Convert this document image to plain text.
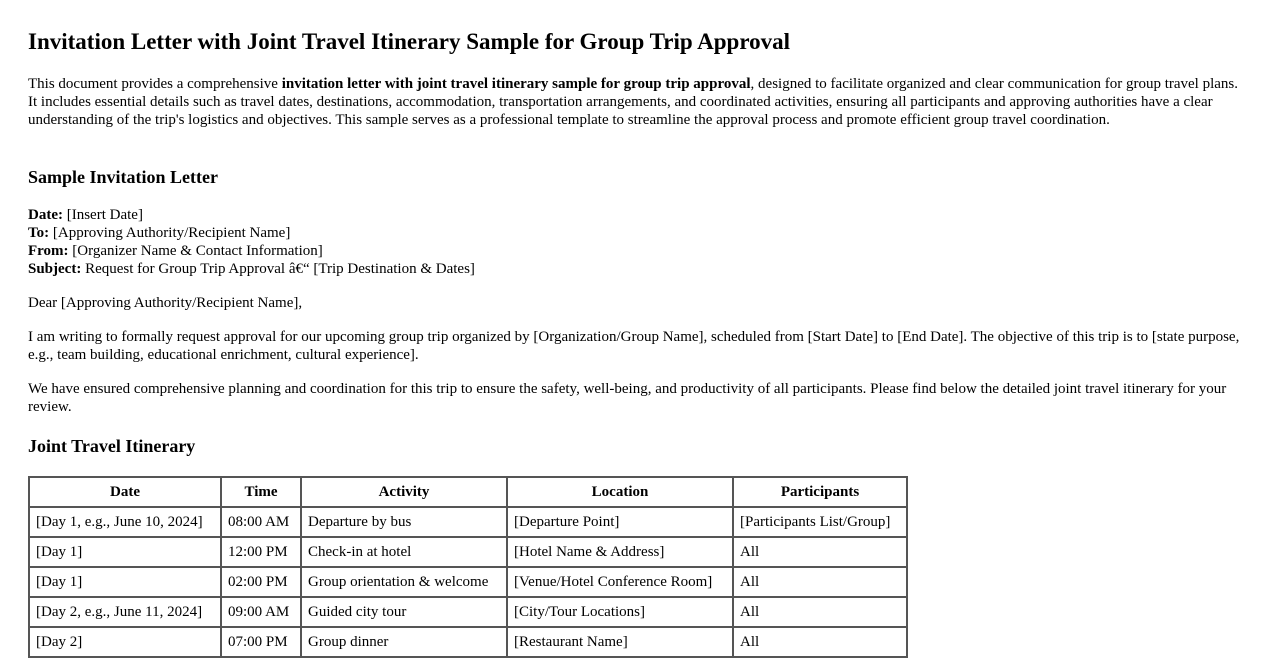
Invitation Letter with Joint Travel Itinerary Sample for Group Trip Approval

This document provides a comprehensive invitation letter with joint travel itinerary sample for group trip approval, designed to facilitate organized and clear communication for group travel plans. It includes essential details such as travel dates, destinations, accommodation, transportation arrangements, and coordinated activities, ensuring all participants and approving authorities have a clear understanding of the trip's logistics and objectives. This sample serves as a professional template to streamline the approval process and promote efficient group travel coordination.

Sample Invitation Letter
Date: [Insert Date]
To: [Approving Authority/Recipient Name]
From: [Organizer Name & Contact Information]
Subject: Request for Group Trip Approval â€“ [Trip Destination & Dates]

Dear [Approving Authority/Recipient Name],

I am writing to formally request approval for our upcoming group trip organized by [Organization/Group Name], scheduled from [Start Date] to [End Date]. The objective of this trip is to [state purpose, e.g., team building, educational enrichment, cultural experience].

We have ensured comprehensive planning and coordination for this trip to ensure the safety, well-being, and productivity of all participants. Please find below the detailed joint travel itinerary for your review.

Joint Travel Itinerary
Date	Time	Activity	Location	Participants
[Day 1, e.g., June 10, 2024]	08:00 AM	Departure by bus	[Departure Point]	[Participants List/Group]
[Day 1]	12:00 PM	Check-in at hotel	[Hotel Name & Address]	All
[Day 1]	02:00 PM	Group orientation & welcome	[Venue/Hotel Conference Room]	All
[Day 2, e.g., June 11, 2024]	09:00 AM	Guided city tour	[City/Tour Locations]	All
[Day 2]	07:00 PM	Group dinner	[Restaurant Name]	All
